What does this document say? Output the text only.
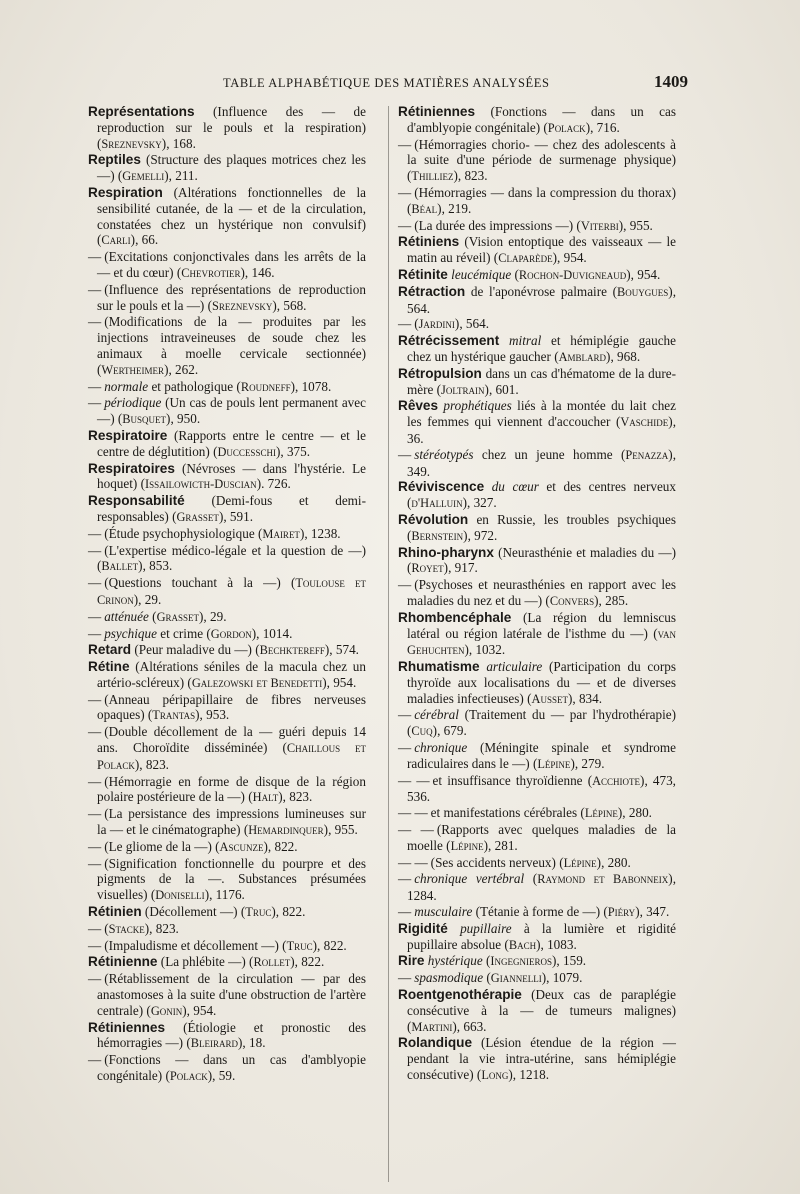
TABLE ALPHABÉTIQUE DES MATIÈRES ANALYSÉES	1409

Représentations (Influence des — de reproduction sur le pouls et la respiration) (Sreznevsky), 168.

Reptiles (Structure des plaques motrices chez les —) (Gemelli), 211.

Respiration (Altérations fonctionnelles de la sensibilité cutanée, de la — et de la circulation, constatées chez un hystérique non convulsif) (Carli), 66.

— (Excitations conjonctivales dans les arrêts de la — et du cœur) (Chevrotier), 146.

— (Influence des représentations de reproduction sur le pouls et la —) (Sreznevsky), 568.

— (Modifications de la — produites par les injections intraveineuses de soude chez les animaux à moelle cervicale sectionnée) (Wertheimer), 262.

— normale et pathologique (Roudneff), 1078.

— périodique (Un cas de pouls lent permanent avec —) (Busquet), 950.

Respiratoire (Rapports entre le centre — et le centre de déglutition) (Duccesschi), 375.

Respiratoires (Névroses — dans l'hystérie. Le hoquet) (Issailowicth-Duscian). 726.

Responsabilité (Demi-fous et demi-responsables) (Grasset), 591.

— (Étude psychophysiologique (Mairet), 1238.

— (L'expertise médico-légale et la question de —) (Ballet), 853.

— (Questions touchant à la —) (Toulouse et Crinon), 29.

— atténuée (Grasset), 29.

— psychique et crime (Gordon), 1014.

Retard (Peur maladive du —) (Bechktereff), 574.

Rétine (Altérations séniles de la macula chez un artério-scléreux) (Galezowski et Benedetti), 954.

— (Anneau péripapillaire de fibres nerveuses opaques) (Trantas), 953.

— (Double décollement de la — guéri depuis 14 ans. Choroïdite disséminée) (Chaillous et Polack), 823.

— (Hémorragie en forme de disque de la région polaire postérieure de la —) (Halt), 823.

— (La persistance des impressions lumineuses sur la — et le cinématographe) (Hemardinquer), 955.

— (Le gliome de la —) (Ascunze), 822.

— (Signification fonctionnelle du pourpre et des pigments de la —. Substances présumées visuelles) (Doniselli), 1176.

Rétinien (Décollement —) (Truc), 822.

— (Stacke), 823.

— (Impaludisme et décollement —) (Truc), 822.

Rétinienne (La phlébite —) (Rollet), 822.

— (Rétablissement de la circulation — par des anastomoses à la suite d'une obstruction de l'artère centrale) (Gonin), 954.

Rétiniennes (Étiologie et pronostic des hémorragies —) (Bleirard), 18.

— (Fonctions — dans un cas d'amblyopie congénitale) (Polack), 59.

Rétiniennes (Fonctions — dans un cas d'amblyopie congénitale) (Polack), 716.

— (Hémorragies chorio- — chez des adolescents à la suite d'une période de surmenage physique) (Thilliez), 823.

— (Hémorragies — dans la compression du thorax) (Béal), 219.

— (La durée des impressions —) (Viterbi), 955.

Rétiniens (Vision entoptique des vaisseaux — le matin au réveil) (Claparède), 954.

Rétinite leucémique (Rochon-Duvigneaud), 954.

Rétraction de l'aponévrose palmaire (Bouygues), 564.

— (Jardini), 564.

Rétrécissement mitral et hémiplégie gauche chez un hystérique gaucher (Amblard), 968.

Rétropulsion dans un cas d'hématome de la dure-mère (Joltrain), 601.

Rêves prophétiques liés à la montée du lait chez les femmes qui viennent d'accoucher (Vaschide), 36.

— stéréotypés chez un jeune homme (Penazza), 349.

Réviviscence du cœur et des centres nerveux (d'Halluin), 327.

Révolution en Russie, les troubles psychiques (Bernstein), 972.

Rhino-pharynx (Neurasthénie et maladies du —) (Royet), 917.

— (Psychoses et neurasthénies en rapport avec les maladies du nez et du —) (Convers), 285.

Rhombencéphale (La région du lemniscus latéral ou région latérale de l'isthme du —) (van Gehuchten), 1032.

Rhumatisme articulaire (Participation du corps thyroïde aux localisations du — et de diverses maladies infectieuses) (Ausset), 834.

— cérébral (Traitement du — par l'hydrothérapie) (Cuq), 679.

— chronique (Méningite spinale et syndrome radiculaires dans le —) (Lépine), 279.

— — et insuffisance thyroïdienne (Acchiote), 473, 536.

— — et manifestations cérébrales (Lépine), 280.

— — (Rapports avec quelques maladies de la moelle (Lépine), 281.

— — (Ses accidents nerveux) (Lépine), 280.

— chronique vertébral (Raymond et Babonneix), 1284.

— musculaire (Tétanie à forme de —) (Piéry), 347.

Rigidité pupillaire à la lumière et rigidité pupillaire absolue (Bach), 1083.

Rire hystérique (Ingegnieros), 159.

— spasmodique (Giannelli), 1079.

Roentgenothérapie (Deux cas de paraplégie consécutive à la — de tumeurs malignes) (Martini), 663.

Rolandique (Lésion étendue de la région — pendant la vie intra-utérine, sans hémiplégie consécutive) (Long), 1218.
